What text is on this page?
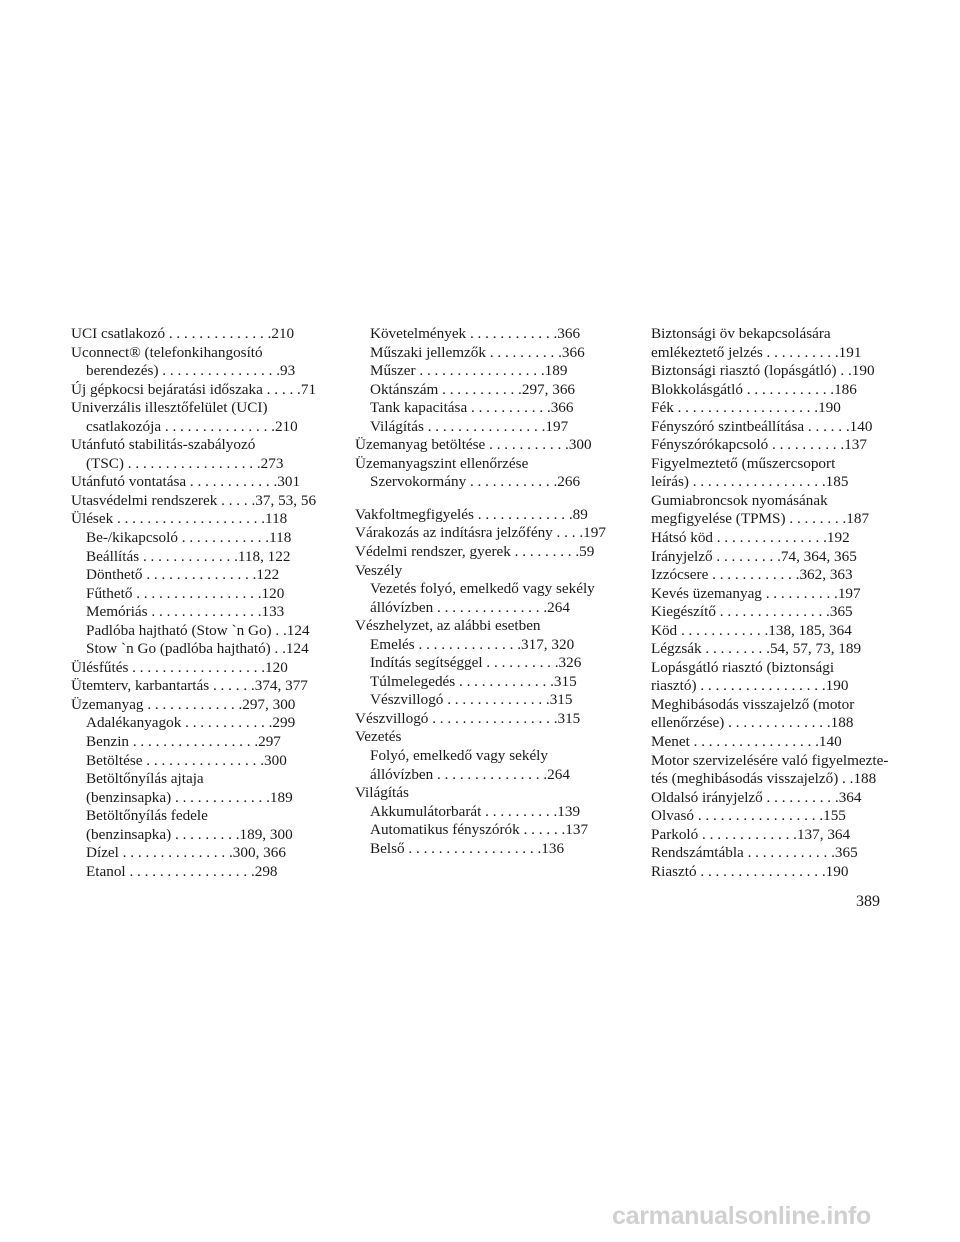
UCI csatlakozó . . . . . . . . . . . . . .210
Uconnect® (telefonkihangosító
berendezés) . . . . . . . . . . . . . . . .93
Új gépkocsi bejáratási időszaka . . . . .71
Univerzális illesztőfelület (UCI)
csatlakozója . . . . . . . . . . . . . . .210
Utánfutó stabilitás-szabályozó
(TSC) . . . . . . . . . . . . . . . . . .273
Utánfutó vontatása . . . . . . . . . . . .301
Utasvédelmi rendszerek . . . . .37, 53, 56
Ülések . . . . . . . . . . . . . . . . . . . .118
Be-/kikapcsoló . . . . . . . . . . . .118
Beállítás . . . . . . . . . . . . .118, 122
Dönthető . . . . . . . . . . . . . . .122
Fűthető . . . . . . . . . . . . . . . . .120
Memóriás . . . . . . . . . . . . . . .133
Padlóba hajtható (Stow `n Go) . .124
Stow `n Go (padlóba hajtható) . .124
Ülésfűtés . . . . . . . . . . . . . . . . . .120
Ütemterv, karbantartás . . . . . .374, 377
Üzemanyag . . . . . . . . . . . . .297, 300
Adalékanyagok . . . . . . . . . . . .299
Benzin . . . . . . . . . . . . . . . . .297
Betöltése . . . . . . . . . . . . . . . .300
Betöltőnyílás ajtaja
(benzinsapka) . . . . . . . . . . . . .189
Betöltőnyílás fedele
(benzinsapka) . . . . . . . . .189, 300
Dízel . . . . . . . . . . . . . . .300, 366
Etanol . . . . . . . . . . . . . . . . .298
Követelmények . . . . . . . . . . . .366
Műszaki jellemzők . . . . . . . . . .366
Műszer . . . . . . . . . . . . . . . . .189
Oktánszám . . . . . . . . . . .297, 366
Tank kapacitása . . . . . . . . . . .366
Világítás . . . . . . . . . . . . . . . .197
Üzemanyag betöltése . . . . . . . . . . .300
Üzemanyagszint ellenőrzése
Szervokormány . . . . . . . . . . . .266
Vakfoltmegfigyelés . . . . . . . . . . . . .89
Várakozás az indításra jelzőfény . . . .197
Védelmi rendszer, gyerek . . . . . . . . .59
Veszély
Vezetés folyó, emelkedő vagy sekély
állóvízben . . . . . . . . . . . . . . .264
Vészhelyzet, az alábbi esetben
Emelés . . . . . . . . . . . . . .317, 320
Indítás segítséggel . . . . . . . . . .326
Túlmelegedés . . . . . . . . . . . . .315
Vészvillogó . . . . . . . . . . . . . .315
Vészvillogó . . . . . . . . . . . . . . . . .315
Vezetés
Folyó, emelkedő vagy sekély
állóvízben . . . . . . . . . . . . . . .264
Világítás
Akkumulátorbarát . . . . . . . . . .139
Automatikus fényszórók . . . . . .137
Belső . . . . . . . . . . . . . . . . . .136
Biztonsági öv bekapcsolására
emlékeztető jelzés . . . . . . . . . .191
Biztonsági riasztó (lopásgátló) . .190
Blokkolásgátló . . . . . . . . . . . .186
Fék . . . . . . . . . . . . . . . . . . .190
Fényszóró szintbeállítása . . . . . .140
Fényszórókapcsoló . . . . . . . . . .137
Figyelmeztető (műszercsoport
leírás) . . . . . . . . . . . . . . . . . .185
Gumiabroncsok nyomásának
megfigyelése (TPMS) . . . . . . . .187
Hátsó köd . . . . . . . . . . . . . . .192
Irányjelző . . . . . . . . .74, 364, 365
Izzócsere . . . . . . . . . . . .362, 363
Kevés üzemanyag . . . . . . . . . .197
Kiegészítő . . . . . . . . . . . . . . .365
Köd . . . . . . . . . . . .138, 185, 364
Légzsák . . . . . . . . .54, 57, 73, 189
Lopásgátló riasztó (biztonsági
riasztó) . . . . . . . . . . . . . . . . .190
Meghibásodás visszajelző (motor
ellenőrzése) . . . . . . . . . . . . . .188
Menet . . . . . . . . . . . . . . . . .140
Motor szervizelésére való figyelmezte-
tés (meghibásodás visszajelző) . .188
Oldalsó irányjelző . . . . . . . . . .364
Olvasó . . . . . . . . . . . . . . . . .155
Parkoló . . . . . . . . . . . . .137, 364
Rendszámtábla . . . . . . . . . . . .365
Riasztó . . . . . . . . . . . . . . . . .190
389
carmanualsonline.info
